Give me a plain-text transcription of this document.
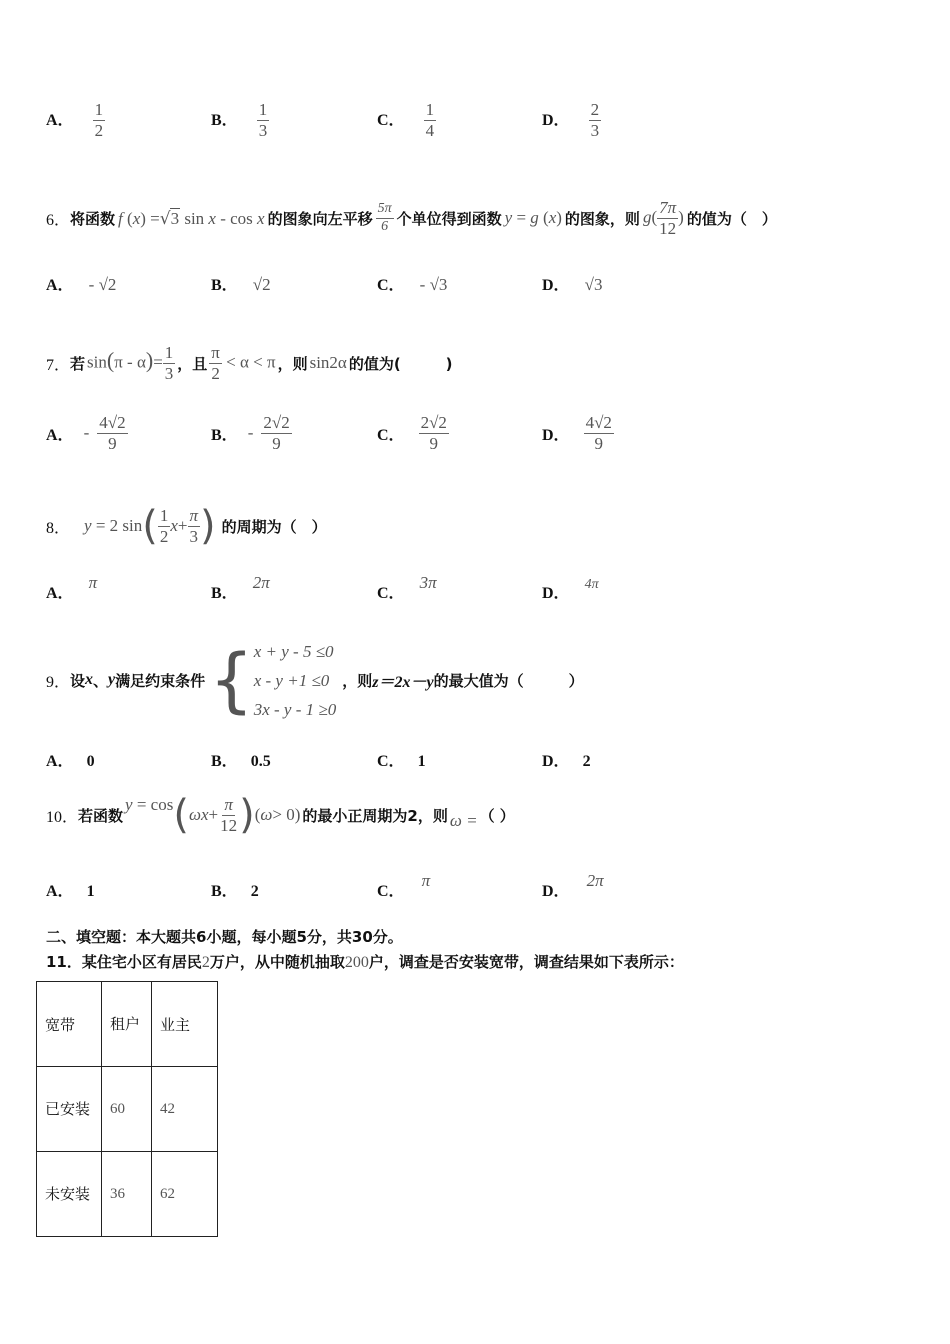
A． $\frac{1}{2}$	B． $\frac{1}{3}$	C． $\frac{1}{4}$	D． $\frac{2}{3}$
6． 将函数 f (x) =√3 sin x - cos x 的图象向左平移 $\frac{5\pi}{6}$ 个单位得到函数 y = g (x) 的图象，则 $g( \frac{7\pi}{12}$ ) 的值为（　）
A． - √2	B． √2	C． - √3	D． √3
7． 若 $\sin(\pi - \alpha)= \frac{1}{3}$ ，且 $\frac{\pi}{2} < \alpha < \pi$ ，则 sin2α 的值为(　　　)
A． - $\frac{4√2}{9}$	B． - $\frac{2√2}{9}$	C． $\frac{2√2}{9}$	D． $\frac{4√2}{9}$
8． y = 2 sin ( $\frac{1}{2}$ $x + \frac{\pi}{3}$ ) 的周期为（　）
A． π
B． 2π
C． 3π
D． 4π
9． 设 x 、 y 满足约束条件 { x + y - 5 ≤0
x - y +1 ≤0
3x - y - 1 ≥0
，则 z＝2x－y 的最大值为（　　　）
A． 0	B． 0.5	C． 1	D． 2
10． 若函数
y = cos ( $\omega x + \frac{\pi}{12}$ ) ( ω > 0) 的最小正周期为2，则 ω = （ ）
A． 1	B． 2	C． π
D． 2π
二、填空题：本大题共6小题，每小题5分，共30分。
11．某住宅小区有居民2万户，从中随机抽取200户，调查是否安装宽带，调查结果如下表所示：
宽带	租户	业主
已安装	60	42
未安装	36	62
